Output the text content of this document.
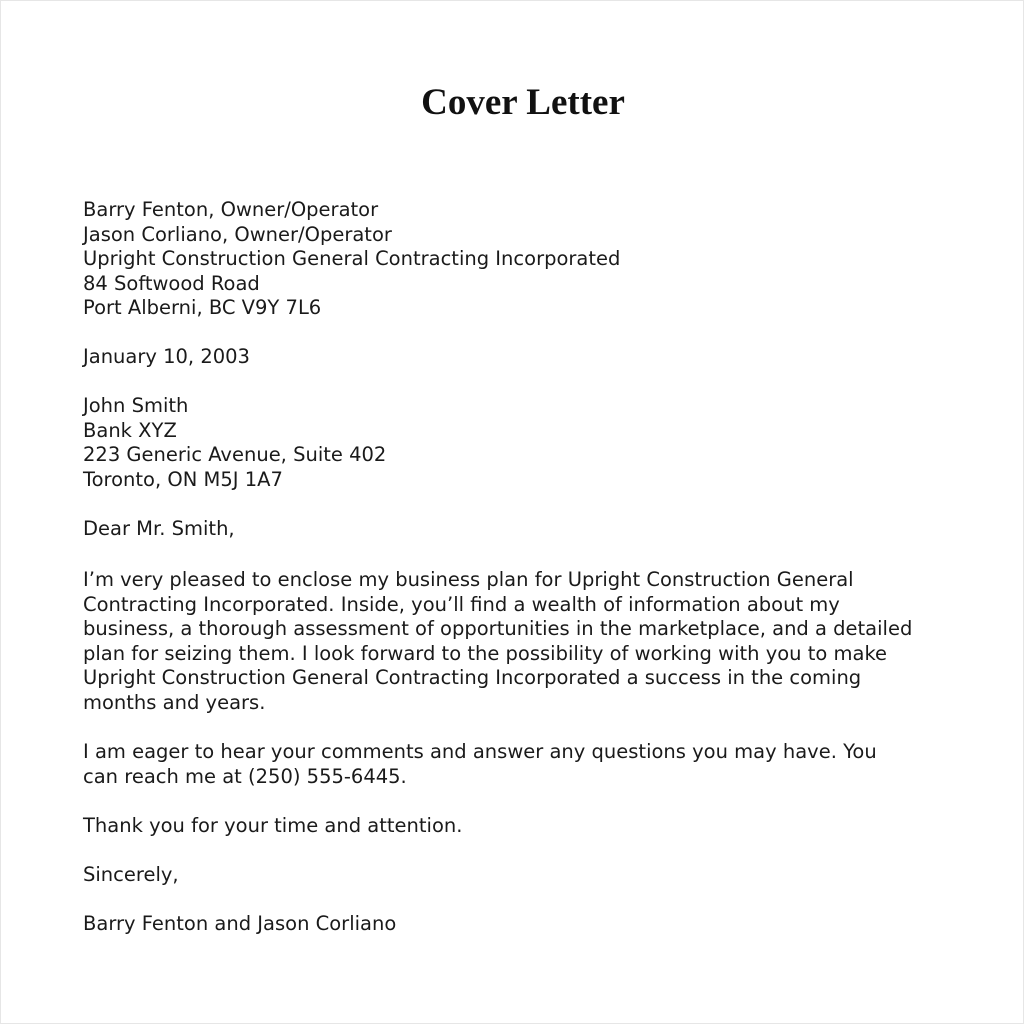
Cover Letter
Barry Fenton, Owner/Operator
Jason Corliano, Owner/Operator
Upright Construction General Contracting Incorporated
84 Softwood Road
Port Alberni, BC V9Y 7L6
January 10, 2003
John Smith
Bank XYZ
223 Generic Avenue, Suite 402
Toronto, ON M5J 1A7
Dear Mr. Smith,
I’m very pleased to enclose my business plan for Upright Construction General
Contracting Incorporated. Inside, you’ll find a wealth of information about my
business, a thorough assessment of opportunities in the marketplace, and a detailed
plan for seizing them. I look forward to the possibility of working with you to make
Upright Construction General Contracting Incorporated a success in the coming
months and years.
I am eager to hear your comments and answer any questions you may have. You
can reach me at (250) 555-6445.
Thank you for your time and attention.
Sincerely,
Barry Fenton and Jason Corliano
